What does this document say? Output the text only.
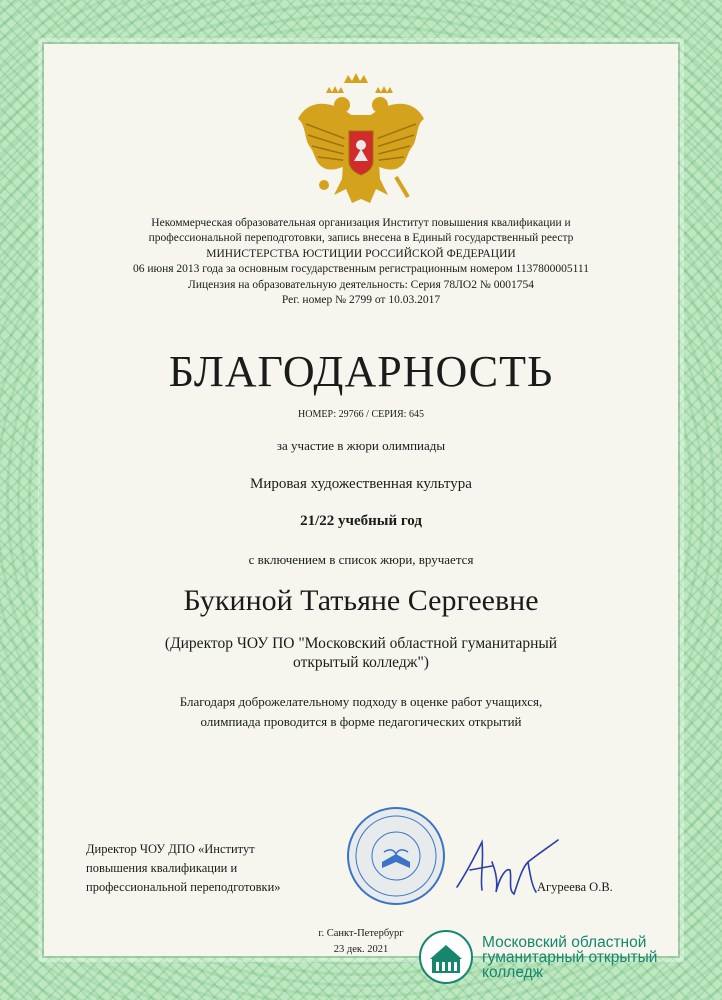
Некоммерческая образовательная организация Институт повышения квалификации и
профессиональной переподготовки, запись внесена в Единый государственный реестр
МИНИСТЕРСТВА ЮСТИЦИИ РОССИЙСКОЙ ФЕДЕРАЦИИ
06 июня 2013 года за основным государственным регистрационным номером 1137800005111
Лицензия на образовательную деятельность: Серия 78ЛО2 № 0001754
Рег. номер № 2799 от 10.03.2017
БЛАГОДАРНОСТЬ
НОМЕР: 29766 / СЕРИЯ: 645
за участие в жюри олимпиады
Мировая художественная культура
21/22 учебный год
с включением в список жюри, вручается
Букиной Татьяне Сергеевне
(Директор ЧОУ ПО "Московский областной гуманитарный
открытый колледж")
Благодаря доброжелательному подходу в оценке работ учащихся,
олимпиада проводится в форме педагогических открытий
Директор ЧОУ ДПО «Институт
повышения квалификации и
профессиональной переподготовки»	Агуреева О.В.
г. Санкт-Петербург
23 дек. 2021	Московский областной
гуманитарный открытый
колледж
